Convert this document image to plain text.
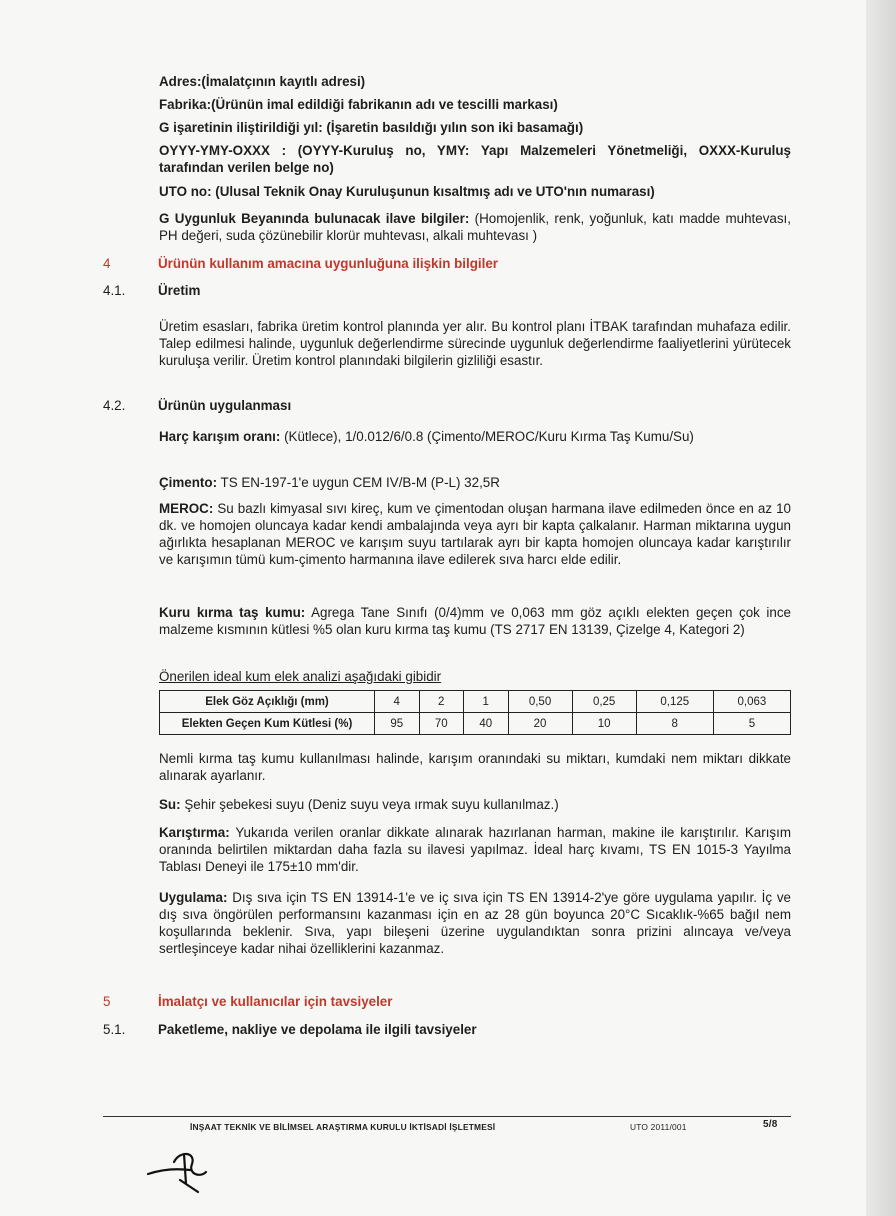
Adres:(İmalatçının kayıtlı adresi)
Fabrika:(Ürünün imal edildiği fabrikanın adı ve tescilli markası)
G işaretinin iliştirildiği yıl: (İşaretin basıldığı yılın son iki basamağı)
OYYY-YMY-OXXX : (OYYY-Kuruluş no, YMY: Yapı Malzemeleri Yönetmeliği, OXXX-Kuruluş tarafından verilen belge no)
UTO no: (Ulusal Teknik Onay Kuruluşunun kısaltmış adı ve UTO'nın numarası)
G Uygunluk Beyanında bulunacak ilave bilgiler: (Homojenlik, renk, yoğunluk, katı madde muhtevası, PH değeri, suda çözünebilir klorür muhtevası, alkali muhtevası )
4	Ürünün kullanım amacına uygunluğuna ilişkin bilgiler
4.1. Üretim
Üretim esasları, fabrika üretim kontrol planında yer alır. Bu kontrol planı İTBAK tarafından muhafaza edilir. Talep edilmesi halinde, uygunluk değerlendirme sürecinde uygunluk değerlendirme faaliyetlerini yürütecek kuruluşa verilir. Üretim kontrol planındaki bilgilerin gizliliği esastır.
4.2. Ürünün uygulanması
Harç karışım oranı: (Kütlece), 1/0.012/6/0.8 (Çimento/MEROC/Kuru Kırma Taş Kumu/Su)
Çimento: TS EN-197-1'e uygun CEM IV/B-M (P-L) 32,5R
MEROC: Su bazlı kimyasal sıvı kireç, kum ve çimentodan oluşan harmana ilave edilmeden önce en az 10 dk. ve homojen oluncaya kadar kendi ambalajında veya ayrı bir kapta çalkalanır. Harman miktarına uygun ağırlıkta hesaplanan MEROC ve karışım suyu tartılarak ayrı bir kapta homojen oluncaya kadar karıştırılır ve karışımın tümü kum-çimento harmanına ilave edilerek sıva harcı elde edilir.
Kuru kırma taş kumu: Agrega Tane Sınıfı (0/4)mm ve 0,063 mm göz açıklı elekten geçen çok ince malzeme kısmının kütlesi %5 olan kuru kırma taş kumu (TS 2717 EN 13139, Çizelge 4, Kategori 2)
Önerilen ideal kum elek analizi aşağıdaki gibidir
Elek Göz Açıklığı (mm)	4	2	1	0,50	0,25	0,125	0,063
Elekten Geçen Kum Kütlesi (%)	95	70	40	20	10	8	5
Nemli kırma taş kumu kullanılması halinde, karışım oranındaki su miktarı, kumdaki nem miktarı dikkate alınarak ayarlanır.
Su: Şehir şebekesi suyu (Deniz suyu veya ırmak suyu kullanılmaz.)
Karıştırma: Yukarıda verilen oranlar dikkate alınarak hazırlanan harman, makine ile karıştırılır. Karışım oranında belirtilen miktardan daha fazla su ilavesi yapılmaz. İdeal harç kıvamı, TS EN 1015-3 Yayılma Tablası Deneyi ile 175±10 mm'dir.
Uygulama: Dış sıva için TS EN 13914-1'e ve iç sıva için TS EN 13914-2'ye göre uygulama yapılır. İç ve dış sıva öngörülen performansını kazanması için en az 28 gün boyunca 20°C Sıcaklık-%65 bağıl nem koşullarında beklenir. Sıva, yapı bileşeni üzerine uygulandıktan sonra prizini alıncaya ve/veya sertleşinceye kadar nihai özelliklerini kazanmaz.
5	İmalatçı ve kullanıcılar için tavsiyeler
5.1. Paketleme, nakliye ve depolama ile ilgili tavsiyeler
İNŞAAT TEKNİK VE BİLİMSEL ARAŞTIRMA KURULU İKTİSADİ İŞLETMESİ	UTO 2011/001	5/8
